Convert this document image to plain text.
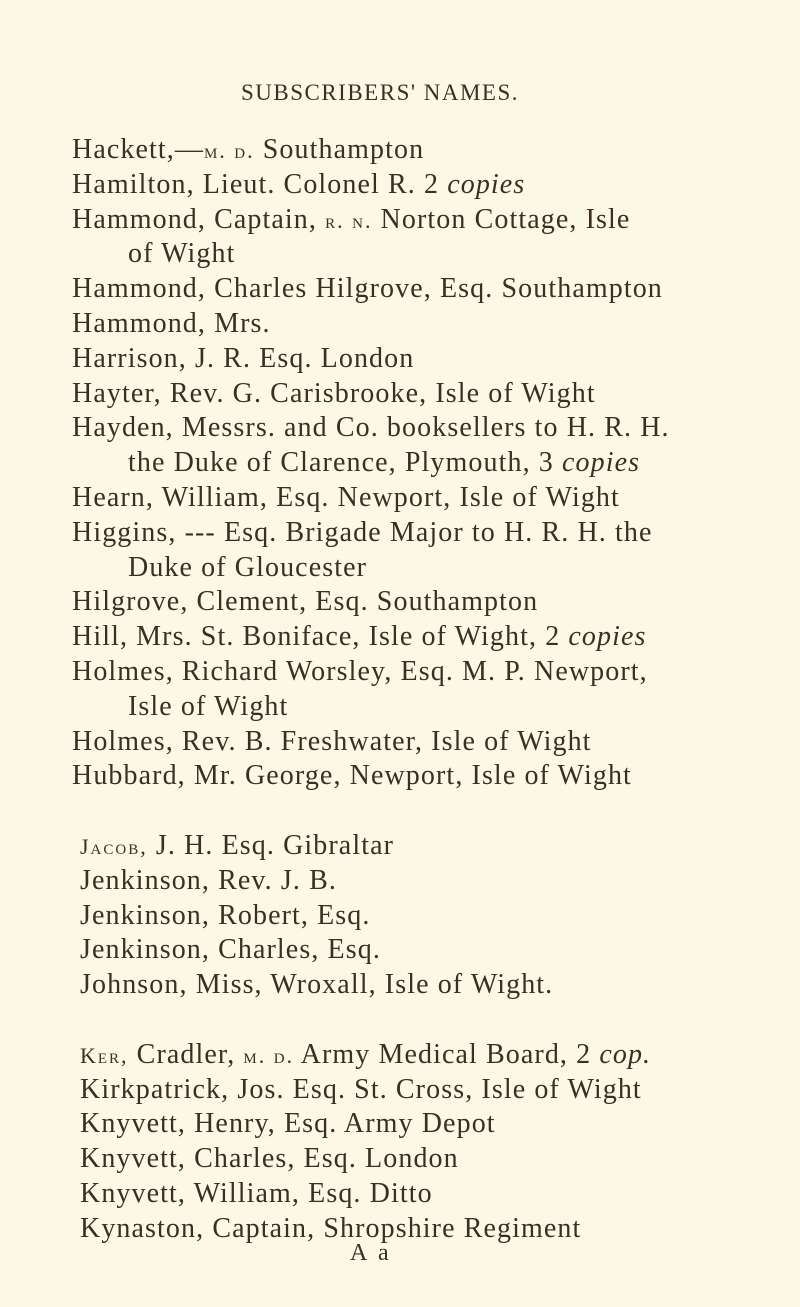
SUBSCRIBERS' NAMES.
Hackett,—m. d. Southampton
Hamilton, Lieut. Colonel R. 2 copies
Hammond, Captain, r. n. Norton Cottage, Isle
of Wight
Hammond, Charles Hilgrove, Esq. Southampton
Hammond, Mrs.
Harrison, J. R. Esq. London
Hayter, Rev. G. Carisbrooke, Isle of Wight
Hayden, Messrs. and Co. booksellers to H. R. H.
the Duke of Clarence, Plymouth, 3 copies
Hearn, William, Esq. Newport, Isle of Wight
Higgins, --- Esq. Brigade Major to H. R. H. the
Duke of Gloucester
Hilgrove, Clement, Esq. Southampton
Hill, Mrs. St. Boniface, Isle of Wight, 2 copies
Holmes, Richard Worsley, Esq. M. P. Newport,
Isle of Wight
Holmes, Rev. B. Freshwater, Isle of Wight
Hubbard, Mr. George, Newport, Isle of Wight
Jacob, J. H. Esq. Gibraltar
Jenkinson, Rev. J. B.
Jenkinson, Robert, Esq.
Jenkinson, Charles, Esq.
Johnson, Miss, Wroxall, Isle of Wight.
Ker, Cradler, m. d. Army Medical Board, 2 cop.
Kirkpatrick, Jos. Esq. St. Cross, Isle of Wight
Knyvett, Henry, Esq. Army Depot
Knyvett, Charles, Esq. London
Knyvett, William, Esq. Ditto
Kynaston, Captain, Shropshire Regiment
A a
